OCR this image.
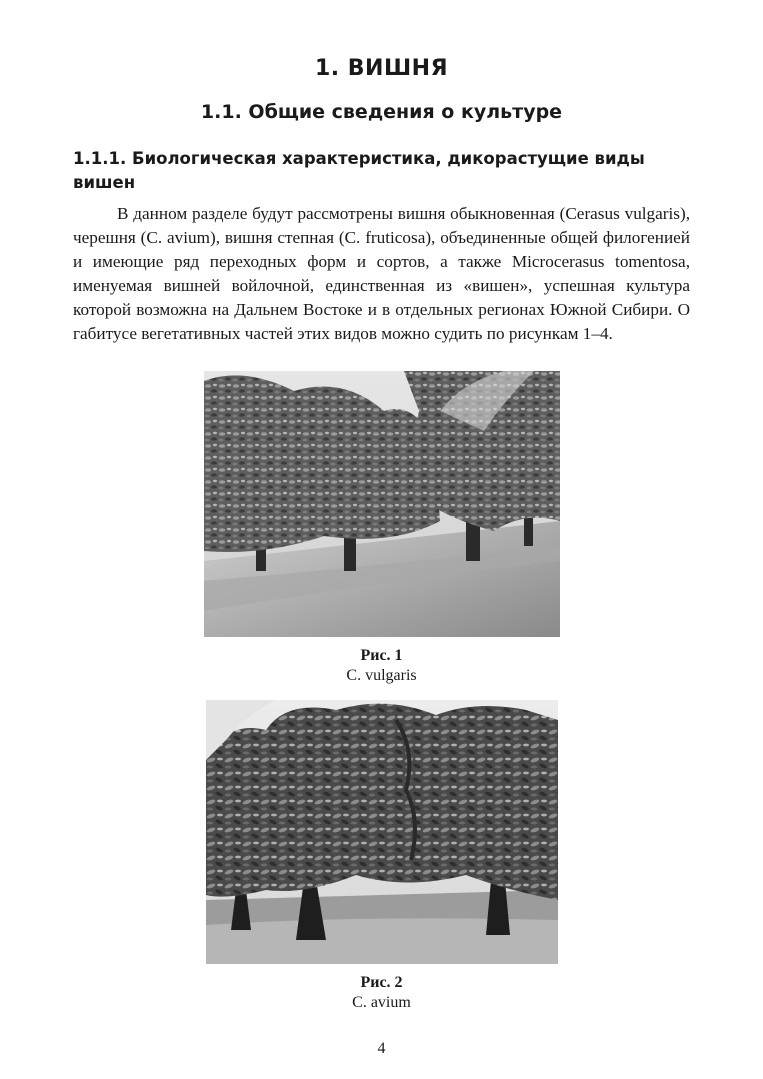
1. ВИШНЯ
1.1. Общие сведения о культуре
1.1.1. Биологическая характеристика, дикорастущие виды вишен

В данном разделе будут рассмотрены вишня обыкновенная (Cerasus vulgaris), черешня (C. avium), вишня степная (C. fruticosa), объединенные общей филогенией и имеющие ряд переходных форм и сортов, а также Microcerasus tomentosa, именуемая вишней войлочной, единственная из «вишен», успешная культура которой возможна на Дальнем Востоке и в отдельных регионах Южной Сибири. О габитусе вегетативных частей этих видов можно судить по рисункам 1–4.

Рис. 1
C. vulgaris
Рис. 2
C. avium
4
